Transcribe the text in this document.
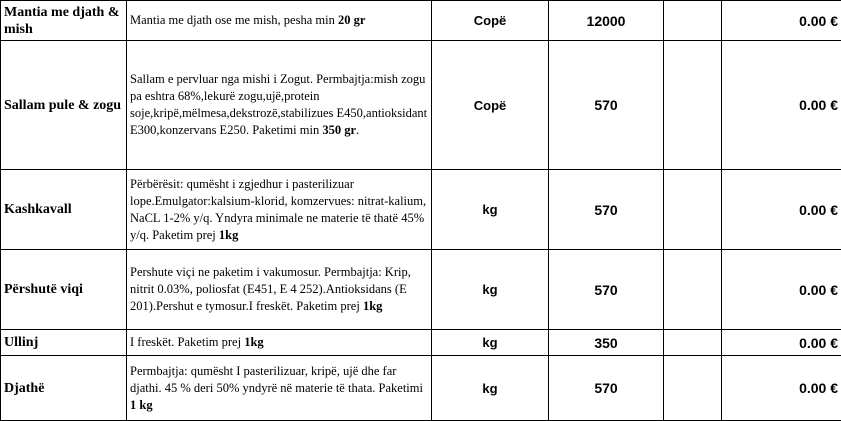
Mantia me djath & mish	Mantia me djath ose me mish, pesha min 20 gr	Copë	12000		0.00 €
Sallam pule & zogu	Sallam e pervluar nga mishi i Zogut. Permbajtja:mish zogu pa eshtra 68%,lekurë zogu,ujë,protein soje,kripë,mëlmesa,dekstrozë,stabilizues E450,antioksidant E300,konzervans E250. Paketimi min 350 gr.	Copë	570		0.00 €
Kashkavall	Përbërësit: qumësht i zgjedhur i pasterilizuar lope.Emulgator:kalsium-klorid, komzervues: nitrat-kalium, NaCL 1-2% y/q. Yndyra minimale ne materie të thatë 45% y/q. Paketim prej 1kg	kg	570		0.00 €
Përshutë viqi	Pershute viçi ne paketim i vakumosur. Permbajtja: Krip, nitrit 0.03%, poliosfat (E451, E 4 252).Antioksidans (E 201).Pershut e tymosur.I freskët. Paketim prej 1kg	kg	570		0.00 €
Ullinj	I freskët. Paketim prej 1kg	kg	350		0.00 €
Djathë	Permbajtja: qumësht I pasterilizuar, kripë, ujë dhe far djathi. 45 % deri 50% yndyrë në materie të thata. Paketimi 1 kg	kg	570		0.00 €
